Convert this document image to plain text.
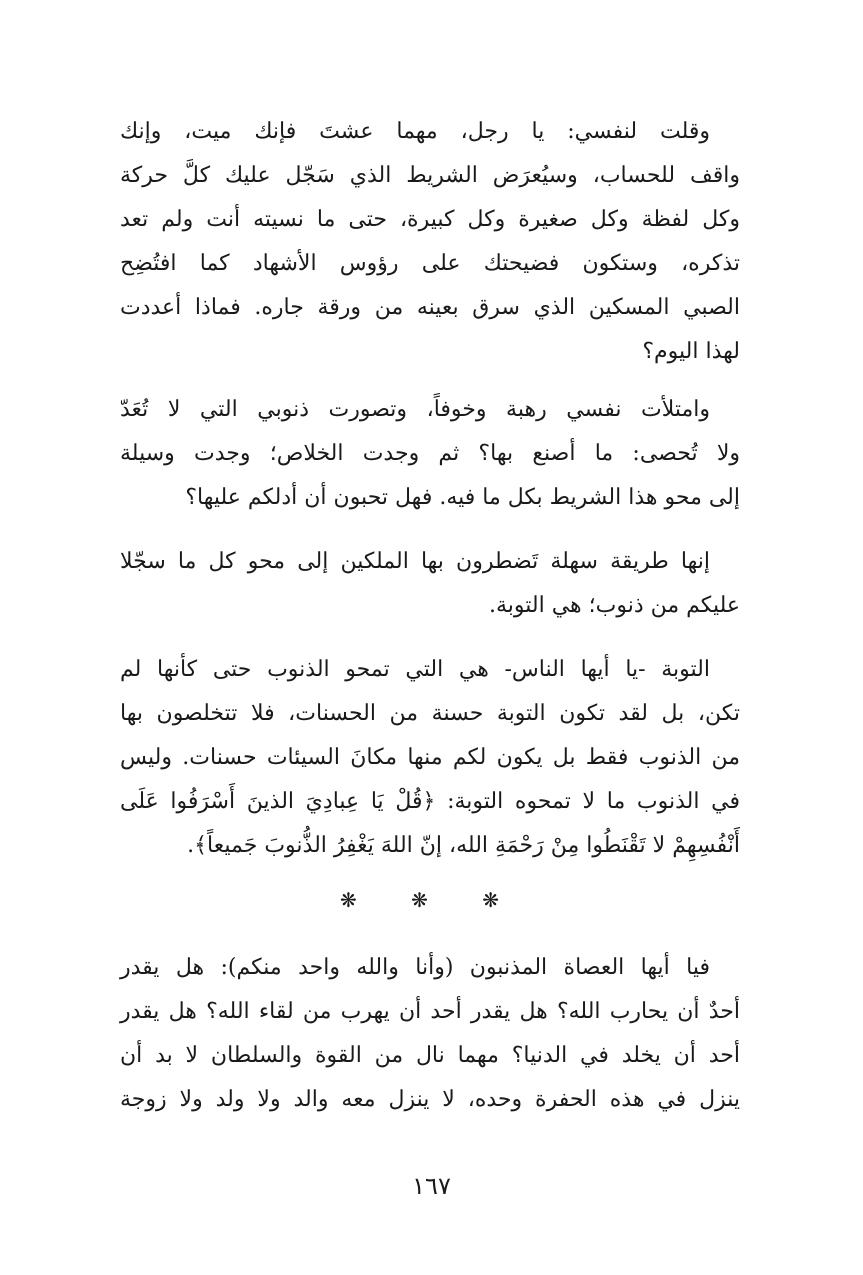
وقلت لنفسي: يا رجل، مهما عشتَ فإنك ميت، وإنك
واقف للحساب، وسيُعرَض الشريط الذي سَجّل عليك كلَّ حركة
وكل لفظة وكل صغيرة وكل كبيرة، حتى ما نسيته أنت ولم تعد
تذكره، وستكون فضيحتك على رؤوس الأشهاد كما افتُضِح
الصبي المسكين الذي سرق بعينه من ورقة جاره. فماذا أعددت
لهذا اليوم؟
وامتلأت نفسي رهبة وخوفاً، وتصورت ذنوبي التي لا تُعَدّ
ولا تُحصى: ما أصنع بها؟ ثم وجدت الخلاص؛ وجدت وسيلة
إلى محو هذا الشريط بكل ما فيه. فهل تحبون أن أدلكم عليها؟
إنها طريقة سهلة تَضطرون بها الملكين إلى محو كل ما سجّلا
عليكم من ذنوب؛ هي التوبة.
التوبة -يا أيها الناس- هي التي تمحو الذنوب حتى كأنها لم
تكن، بل لقد تكون التوبة حسنة من الحسنات، فلا تتخلصون بها
من الذنوب فقط بل يكون لكم منها مكانَ السيئات حسنات. وليس
في الذنوب ما لا تمحوه التوبة: ﴿قُلْ يَا عِبادِيَ الذينَ أَسْرَفُوا عَلَى
أَنْفُسِهِمْ لا تَقْنَطُوا مِنْ رَحْمَةِ الله، إنّ اللهَ يَغْفِرُ الذُّنوبَ جَميعاً﴾.
❋ ❋ ❋
فيا أيها العصاة المذنبون (وأنا والله واحد منكم): هل يقدر
أحدٌ أن يحارب الله؟ هل يقدر أحد أن يهرب من لقاء الله؟ هل يقدر
أحد أن يخلد في الدنيا؟ مهما نال من القوة والسلطان لا بد أن
ينزل في هذه الحفرة وحده، لا ينزل معه والد ولا ولد ولا زوجة
١٦٧
